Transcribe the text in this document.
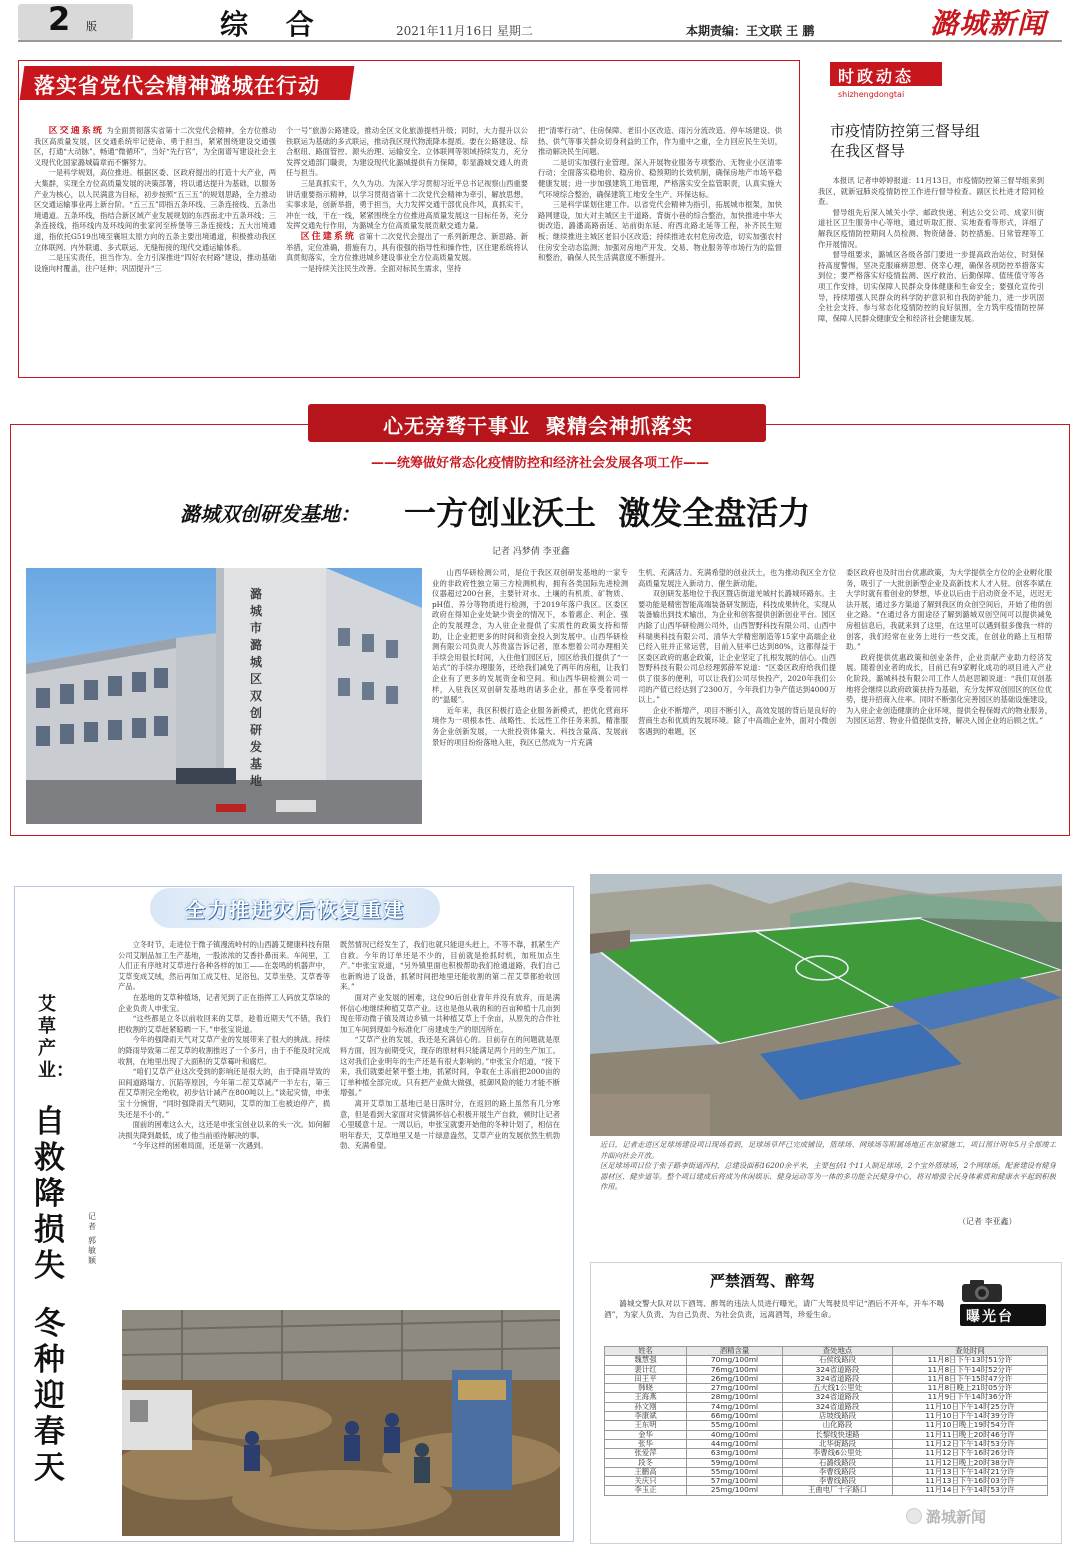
2 版	综 合	2021年11月16日 星期二	本期责编：王文联 王 鹏	潞城新闻
落实省党代会精神潞城在行动

区交通系统 为全面贯彻落实省第十二次党代会精神，全方位推动我区高质量发展，区交通系统牢记使命、勇于担当，紧紧围绕建设交通强区，打通“大动脉”，畅通“微循环”，当好“先行官”，为全面谱写建设社会主义现代化国家潞城篇章而不懈努力。

一是科学规划，高位推进。根据区委、区政府提出的打造十大产业，两大集群，实现全方位高质量发展的决策部署，将以通达提升为基础，以服务产业为核心，以人民满意为目标，初步按照“五三五”的规划思路，全力推动区交通运输事业再上新台阶。“五三五”即指五条环线、三条连接线、五条出境通道。五条环线，指结合新区域产业发展规划的东西南北中五条环线；三条连接线，指环线内及环线间的张家河至桥堡等三条连接线；五大出境通道，指依托G519出境至襄垣太原方向的五条主要出境通道，积极推动我区立体联网、内外联通、多式联运、无缝衔接的现代交通运输体系。

二是压实责任，担当作为。全力引深推进“四好农村路”建设，推动基础设施向村覆盖，往户延伸；巩固提升“三

个一号”旅游公路建设，推动全区文化旅游提档升级；同时，大力提升以公铁联运为基础的多式联运，推动我区现代物流降本提质。要在公路建设、综合枢纽、路面管控、源头治理、运输安全、立体联网等领域持续发力，充分发挥交通部门職责，为建设现代化潞城提供有力保障，彰显潞城交通人的责任与担当。

三是真抓实干，久久为功。为深入学习贯彻习近平总书记视察山西重要讲话重要指示精神，以学习贯彻省第十二次党代会精神为牵引，解放思想，实事求是，创新举措，勇于担当，大力发挥交通干部优良作风，真抓实干，冲在一线，干在一线，紧紧围绕全方位推进高质量发展这一目标任务，充分发挥交通先行作用，为潞城全方位高质量发展贡献交通力量。

区住建系统 省第十二次党代会提出了一系列新理念、新思路、新举措，定位准确，措施有力，具有很强的指导性和操作性，区住建系统将认真贯彻落实，全方位推进城乡建设事业全方位高质量发展。

一是持续关注民生改善。全面对标民生需求，坚持

把“清零行动”、住房保障、老旧小区改造、雨污分流改造、停车场建设、供热、供气等事关群众切身利益的工作，作为重中之重，全力回应民生关切，推动解决民生问题。

二是切实加强行业管理。深入开展物业服务专项整治、无物业小区清零行动；全面落实稳地价、稳房价、稳预期的长效机制，确保房地产市场平稳健康发展；进一步加强建筑工地管理，严格落实安全监管职责，认真实施大气环境综合整治，确保建筑工地安全生产、环保达标。

三是科学谋划住建工作。以省党代会精神为指引，拓展城市框架，加快路网建设，加大对主城区主干道路、背街小巷的综合整治，加快推进中华大街改造、潞潘高路南延、站前街东延、府西北路北延等工程，补齐民生短板；继续推进主城区老旧小区改造；持续推进农村危房改造，切实加强农村住房安全动态监测；加强对房地产开发、交易、物业服务等市场行为的监督和整治，确保人民生活满意度不断提升。

时政动态
shizhengdongtai
市疫情防控第三督导组
在我区督导

本报讯 记者申婷婷报道：11月13日，市疫情防控第三督导组来到我区，就新冠肺炎疫情防控工作进行督导检查。副区长杜进才陪同检查。

督导组先后深入城关小学、邮政快递、利达公交公司、成家川街道社区卫生服务中心等地，通过听取汇报、实地查看等形式，详细了解我区疫情防控期间人员检测、物资储备、防控措施、日常管理等工作开展情况。

督导组要求，潞城区各级各部门要进一步提高政治站位，时刻保持高度警惕，坚决克服麻痹思想、侥幸心理，确保各项防控举措落实到位；要严格落实好疫情监测、医疗救治、后勤保障、值班值守等各项工作安排，切实保障人民群众身体健康和生命安全；要强化宣传引导，持续增强人民群众的科学防护意识和自我防护能力，进一步巩固全社会支持、参与常态化疫情防控的良好氛围，全力筑牢疫情防控屏障，保障人民群众健康安全和经济社会健康发展。

心无旁骛干事业  聚精会神抓落实
——统筹做好常态化疫情防控和经济社会发展各项工作——
潞城双创研发基地： 一方创业沃土  激发全盘活力
记者 冯梦倩 李亚鑫
潞城市潞城区双创研发基地

山西华研检测公司，是位于我区双创研发基地的一家专业的非政府性独立第三方检测机构，拥有各类国际先进检测仪器超过200台套，主要针对水、土壤的有机质、矿物质、pH值、养分等物质进行检测，于2019年落户我区。区委区政府在得知企业处缺少资金的情况下，本着惠企、利企、强企的发展理念，为入驻企业提供了实质性的政策支持和帮助，让企业把更多的时间和资金投入到发展中。山西华研检测有限公司负责人苏贵富告诉记者，原本想着公司办理相关手续会用很长时间，入住他们园区后，园区给我们提供了“一站式”的手续办理服务，还给我们减免了两年的房租，让我们企业有了更多的发展资金和空间。和山西华研检测公司一样，入驻我区双创研发基地的诸多企业，都在享受着同样的“温暖”。

近年来，我区积极打造企业服务新模式，把优化营商环境作为一项根本性、战略性、长远性工作任务来抓，精准服务企业创新发展，一大批投资体量大、科技含量高、发展前景好的项目纷纷落地入驻，我区已然成为一片充满

生机、充满活力、充满希望的创业沃土，也为推动我区全方位高质量发展注入新动力、催生新动能。

双创研发基地位于我区暨店街道羌城村长潞城环路东。主要功能是精密智能高端装备研发制造，科技成果转化，实现从装备输出到技术输出，为企业和创客提供创新创业平台。园区内除了山西华研检测公司外，山西智野科技有限公司、山西中科瑞奥科技有限公司、清华大学精密制造等15家中高端企业已经入驻并正常运营，目前入驻率已达到80%，这都得益于区委区政府的惠企政策，让企业坚定了扎根发展的信心。山西智野科技有限公司总经理郭薛军说道：“区委区政府给我们提供了很多的便利，可以让我们公司尽快投产，2020年我们公司的产值已经达到了2300万，今年我们力争产值达到4000万以上。”

企业不断增产，项目不断引入，高效发展的背后是良好的营商生态和优质的发展环境。除了中高端企业外，面对小微创客遇到的难题，区

委区政府也及时出台优惠政策，为大学提供全方位的企业孵化服务，吸引了一大批创新型企业及高新技术人才入驻。创客李斌在大学时就有着创业的梦想，毕业以后由于启动资金不足，迟迟无法开展，通过多方渠道了解到我区的众创空间后，开始了他的创业之路。“在通过各方面途径了解到潞城双创空间可以提供减免房租信息后，我就来到了这里，在这里可以遇到很多像我一样的创客，我们经常在业务上进行一些交流，在创业的路上互相帮助。”

政府提供优惠政策和创业条件，企业贡献产业助力经济发展。随着创业者的成长，目前已有9家孵化成功的项目进入产业化阶段。潞城科技有限公司工作人员赵思颖说道：“我们双创基地将会继续以政府政策扶持为基础，充分发挥双创园区的区位优势，提升招商入住率。同时不断强化完善园区的基础设施建设，为入驻企业创造健康的企业环境，提供全程保姆式的物业服务，为园区运营、物业升值提供支持，解决入园企业的后顾之忧。”

全力推进灾后恢复重建
艾草产业：
自救降损失
冬种迎春天
记者
郭敏颖

立冬时节，走进位于微子镇漫流岭村的山西潞艾健康科技有限公司艾制品加工生产基地，一股浓浓的艾香扑鼻而来。车间里，工人们正有序地对艾草进行各种各样的加工——在轰鸣的机器声中，艾草变成艾绒，然后再加工成艾柱、足浴包、艾草坐垫、艾草香等产品。

在基地的艾草种植场，记者见到了正在指挥工人码放艾草垛的企业负责人申张宝。

“这些都是立冬以前收回来的艾草，趁着近期天气不错，我们把收割的艾草赶紧晾晒一下。”申张宝说道。

今年的强降雨天气对艾草产业的发展带来了很大的挑战。持续的降雨导致第二茬艾草的收割推迟了一个多月，由于不能及时完成收割，在地里出现了大面积的艾草霉叶和腐烂。

“咱们艾草产业这次受到的影响还是很大的，由于降雨导致的田间道路塌方、沉陷等原因，今年第二茬艾草减产一半左右，第三茬艾草则完全绝收，初步估计减产在800吨以上。”谈起灾情，申张宝十分惋惜，“同时强降雨天气期间，艾草的加工也被迫停产，损失还是不小的。”

面前的困难这么大，这还是申张宝创业以来的头一次。如何解决损失降到最低，成了他当前亟待解决的事。

“今年这样的困难局面，还是第一次遇到。

既然情况已经发生了，我们也就只能迎头赶上，不等不靠，抓紧生产自救。今年的订单还是不少的，目前就是抢抓时机，加班加点生产。”申张宝说道，“另外镇里面也积极帮助我们抢通道路，我们自己也新购进了设备，抓紧时间把地里还能收割的第二茬艾草都抢收回来。”

面对产业发展的困难，这位90后创业青年并没有放弃，而是满怀信心地继续种植艾草产业。这也是他从栽的和的百亩种植十几亩到现在带动微子镇及周边乡镇一共种植艾草上千余亩，从原先的合作社加工车间到现如今标准化厂房建成生产的原因所在。

“艾草产业的发展，我还是充满信心的。目前存在的问题就是原料方面，因为前期受灾，现存的原材料只能满足两个月的生产加工。这对我们企业明年的生产还是有很大影响的。”申张宝介绍道，“接下来，我们就要赶紧平整土地，抓紧时间，争取在土冻前把2000亩的订单种植全部完成。只有把产业做大做强，抵御风险的能力才能不断增强。”

离开艾草加工基地已是日落时分，在返回的路上虽然有几分寒意，但是看到大家面对灾情满怀信心积极开展生产自救，顿时让记者心里暖意十足。一周以后，申张宝就要开始他的冬种计划了，相信在明年春天，艾草地里又是一片绿意盎然，艾草产业的发展依然生机勃勃、充满希望。	近日，记者走进区足球场建设项目现场看到，足球场草坪已完成铺设，篮球场、网球场等附属场地正在加紧施工，项目预计明年5月全部竣工并面向社会开放。
区足球场项目位于张子路李街道西村，总建设面积16200余平米，主要包括1个11人制足球场，2个宝外篮球场，2个网球场。配套建设有健身器材区、健步道等。整个项目建成后将成为休闲娱乐、健身运动等为一体的多功能全民健身中心，将对增强全民身体素质和健康水平起到积极作用。
（记者 李亚鑫）
严禁酒驾、醉驾
潞城交警大队对以下酒驾、醉驾的违法人员进行曝光，请广大驾驶员牢记“酒后不开车，开车不喝酒”，为家人负责、为自己负责、为社会负责，远离酒驾，珍爱生命。	曝光台
姓名	酒精含量	查处地点	查处时间
魏慧强	70mg/100ml	石侯线路段	11月8日下午13时51分许
裴计红	76mg/100ml	324省道路段	11月8日下午14时52分许
田王平	26mg/100ml	324省道路段	11月8日下午15时47分许
韩晓	27mg/100ml	五大线1公里处	11月8日晚上21时05分许
王海燕	28mg/100ml	324省道路段	11月9日下午14时36分许
孙文刚	74mg/100ml	324省道路段	11月10日下午14时25分许
李康斌	66mg/100ml	店坡线路段	11月10日下午14时39分许
王东明	55mg/100ml	山化路段	11月10日晚上19时54分许
金华	40mg/100ml	长黎线快速路	11月11日晚上20时46分许
张华	44mg/100ml	北华街路段	11月12日下午14时53分许
张爱萍	63mg/100ml	李曹线6公里处	11月12日下午16时26分许
段冬	59mg/100ml	石潞线路段	11月12日晚上20时38分许
王鹏高	55mg/100ml	李曹线路段	11月13日下午14时21分许
关庆只	57mg/100ml	李曹线路段	11月13日下午16时03分许
李玉正	25mg/100ml	王曲电厂十字路口	11月14日下午14时53分许
潞城新闻
